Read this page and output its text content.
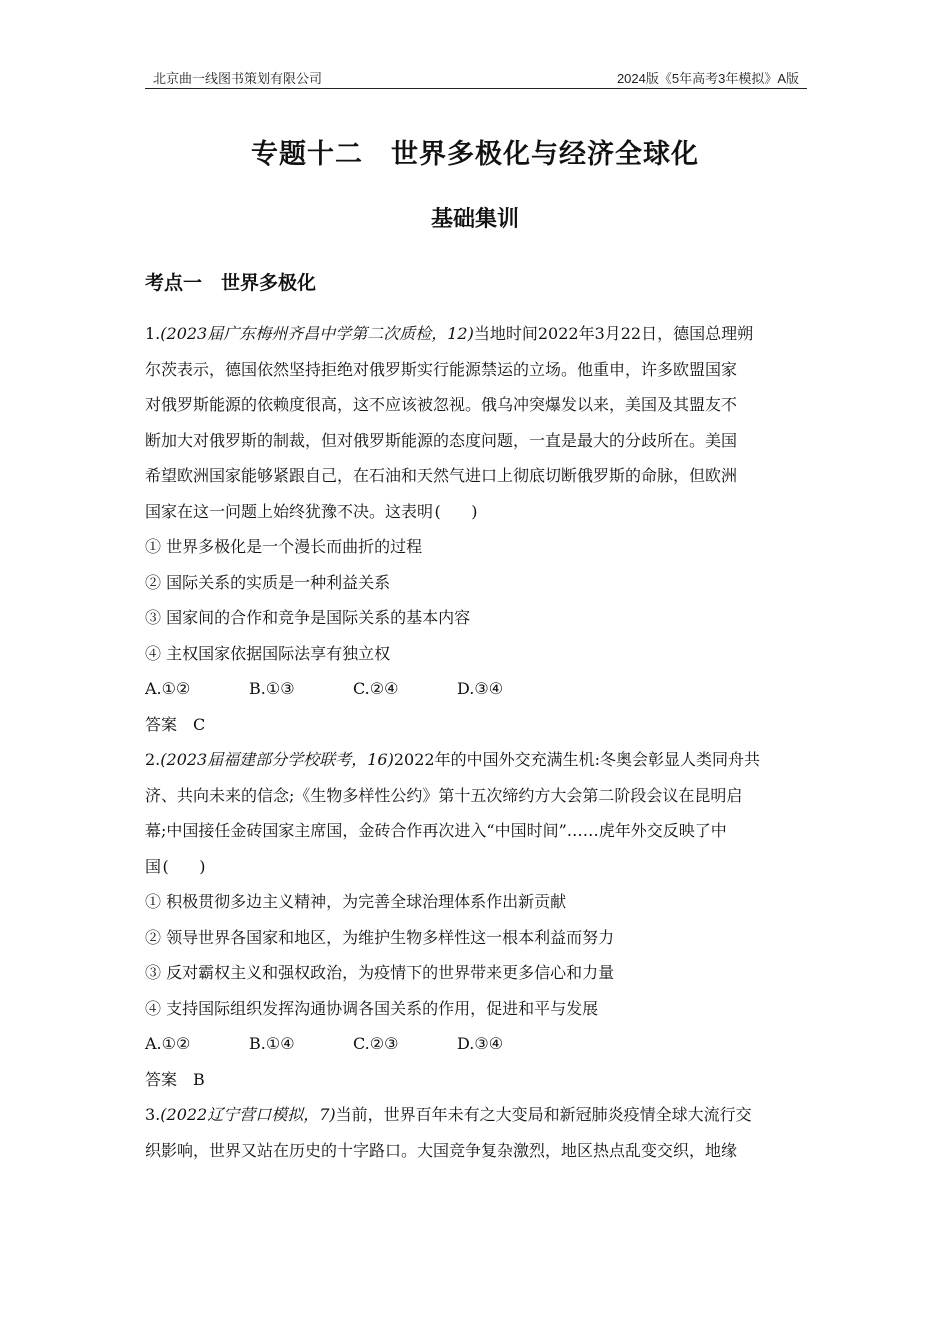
北京曲一线图书策划有限公司	2024版《5年高考3年模拟》A版
专题十二　世界多极化与经济全球化
基础集训
考点一　世界多极化

1.(2023届广东梅州齐昌中学第二次质检，12)当地时间2022年3月22日，德国总理朔

尔茨表示，德国依然坚持拒绝对俄罗斯实行能源禁运的立场。他重申，许多欧盟国家

对俄罗斯能源的依赖度很高，这不应该被忽视。俄乌冲突爆发以来，美国及其盟友不

断加大对俄罗斯的制裁，但对俄罗斯能源的态度问题，一直是最大的分歧所在。美国

希望欧洲国家能够紧跟自己，在石油和天然气进口上彻底切断俄罗斯的命脉，但欧洲

国家在这一问题上始终犹豫不决。这表明( )

① 世界多极化是一个漫长而曲折的过程

② 国际关系的实质是一种利益关系

③ 国家间的合作和竞争是国际关系的基本内容

④ 主权国家依据国际法享有独立权

A.①②	B.①③	C.②④	D.③④

答案　C

2.(2023届福建部分学校联考，16)2022年的中国外交充满生机:冬奥会彰显人类同舟共

济、共向未来的信念;《生物多样性公约》第十五次缔约方大会第二阶段会议在昆明启

幕;中国接任金砖国家主席国，金砖合作再次进入“中国时间”……虎年外交反映了中

国( )

① 积极贯彻多边主义精神，为完善全球治理体系作出新贡献

② 领导世界各国家和地区，为维护生物多样性这一根本利益而努力

③ 反对霸权主义和强权政治，为疫情下的世界带来更多信心和力量

④ 支持国际组织发挥沟通协调各国关系的作用，促进和平与发展

A.①②	B.①④	C.②③	D.③④

答案　B

3.(2022辽宁营口模拟，7)当前，世界百年未有之大变局和新冠肺炎疫情全球大流行交

织影响，世界又站在历史的十字路口。大国竞争复杂激烈，地区热点乱变交织，地缘
